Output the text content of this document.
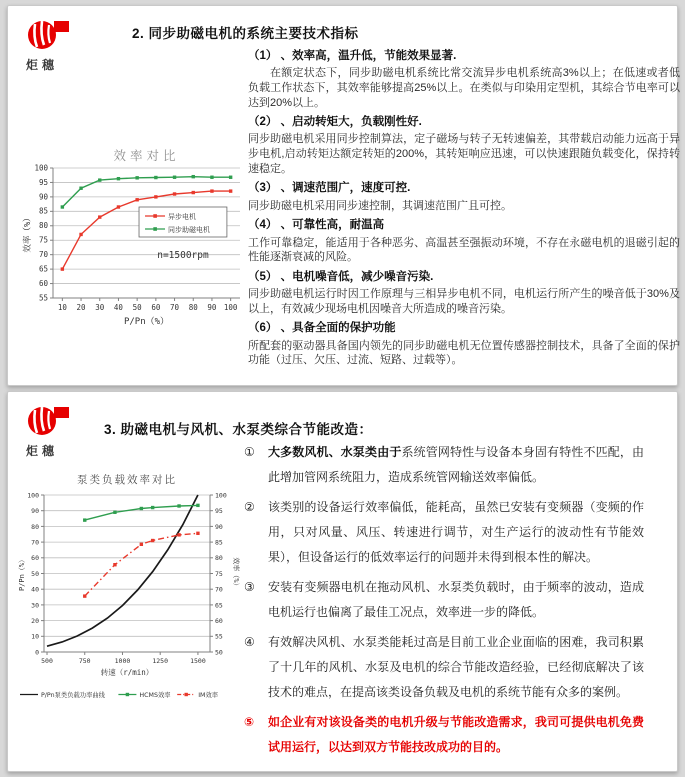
炬穗
2. 同步助磁电机的系统主要技术指标
55
60
65
70
75
80
85
90
95
100
10 20 30 40 50 60 70 80 90 100
效率对比
P/Pn（%）
效率（%）	异步电机
同步助磁电机
n=1500rpm
（1） 、效率高，温升低，节能效果显著.
在额定状态下，同步助磁电机系统比常交流异步电机系统高3%以上；在低速或者低负载工作状态下，其效率能够提高25%以上。在类似与印染用定型机，其综合节电率可以达到20%以上。
（2） 、启动转矩大，负载刚性好.
同步助磁电机采用同步控制算法，定子磁场与转子无转速偏差，其带载启动能力远高于异步电机,启动转矩达额定转矩的200%，其转矩响应迅速，可以快速跟随负载变化，保持转速稳定。
（3） 、调速范围广，速度可控.
同步助磁电机采用同步速控制，其调速范围广且可控。
（4） 、可靠性高，耐温高
工作可靠稳定，能适用于各种恶劣、高温甚至强振动环境，不存在永磁电机的退磁引起的性能逐渐衰减的风险。
（5） 、电机噪音低，减少噪音污染.
同步助磁电机运行时因工作原理与三相异步电机不同，电机运行所产生的噪音低于30%及以上，有效减少现场电机因噪音大所造成的噪音污染。
（6） 、具备全面的保护功能
所配套的驱动器具备国内领先的同步助磁电机无位置传感器控制技术，具备了全面的保护功能（过压、欠压、过流、短路、过载等）。
炬穗
3. 助磁电机与风机、水泵类综合节能改造：
0
10
20
30
40
50
60
70
80
90
100
50
55
60
65
70
75
80
85
90
95
100
500	750	1000	1250	1500
泵类负载效率对比
转速（r/min）
P/Pn（%）	效率（%）
P/Pn泵类负载功率曲线	HCMS效率	IM效率
① 大多数风机、水泵类由于系统管网特性与设备本身固有特性不匹配，由此增加管网系统阻力，造成系统管网输送效率偏低。
② 该类别的设备运行效率偏低，能耗高，虽然已安装有变频器（变频的作用，只对风量、风压、转速进行调节，对生产运行的波动性有节能效果），但设备运行的低效率运行的问题并未得到根本性的解决。
③ 安装有变频器电机在拖动风机、水泵类负载时，由于频率的波动，造成电机运行也偏离了最佳工况点，效率进一步的降低。
④ 有效解决风机、水泵类能耗过高是目前工业企业面临的困难，我司积累了十几年的风机、水泵及电机的综合节能改造经验，已经彻底解决了该技术的难点，在提高该类设备负载及电机的系统节能有众多的案例。
⑤ 如企业有对该设备类的电机升级与节能改造需求，我司可提供电机免费试用运行，以达到双方节能技改成功的目的。
